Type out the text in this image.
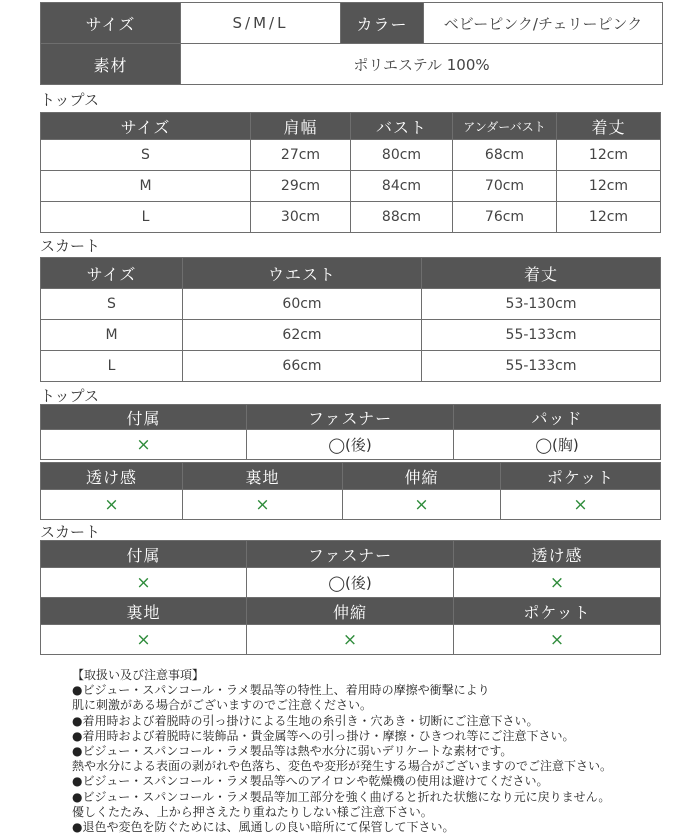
サイズ	S/M/L	カラー	ベビーピンク/チェリーピンク
素材	ポリエステル 100%		
トップス
サイズ	肩幅	バスト	アンダーバスト	着丈
S	27cm	80cm	68cm	12cm
M	29cm	84cm	70cm	12cm
L	30cm	88cm	76cm	12cm
スカート
サイズ	ウエスト	着丈
S	60cm	53-130cm
M	62cm	55-133cm
L	66cm	55-133cm
トップス
付属	ファスナー	パッド
×	◯(後)	◯(胸)
透け感	裏地	伸縮	ポケット
×	×	×	×
スカート
付属	ファスナー	透け感
×	◯(後)	×
裏地	伸縮	ポケット
×	×	×
【取扱い及び注意事項】
●ビジュー・スパンコール・ラメ製品等の特性上、着用時の摩擦や衝撃により
肌に刺激がある場合がございますのでご注意ください。
●着用時および着脱時の引っ掛けによる生地の糸引き・穴あき・切断にご注意下さい。
●着用時および着脱時に装飾品・貴金属等への引っ掛け・摩擦・ひきつれ等にご注意下さい。
●ビジュー・スパンコール・ラメ製品等は熱や水分に弱いデリケートな素材です。
熱や水分による表面の剥がれや色落ち、変色や変形が発生する場合がございますのでご注意下さい。
●ビジュー・スパンコール・ラメ製品等へのアイロンや乾燥機の使用は避けてください。
●ビジュー・スパンコール・ラメ製品等加工部分を強く曲げると折れた状態になり元に戻りません。
優しくたたみ、上から押さえたり重ねたりしない様ご注意下さい。
●退色や変色を防ぐためには、風通しの良い暗所にて保管して下さい。
